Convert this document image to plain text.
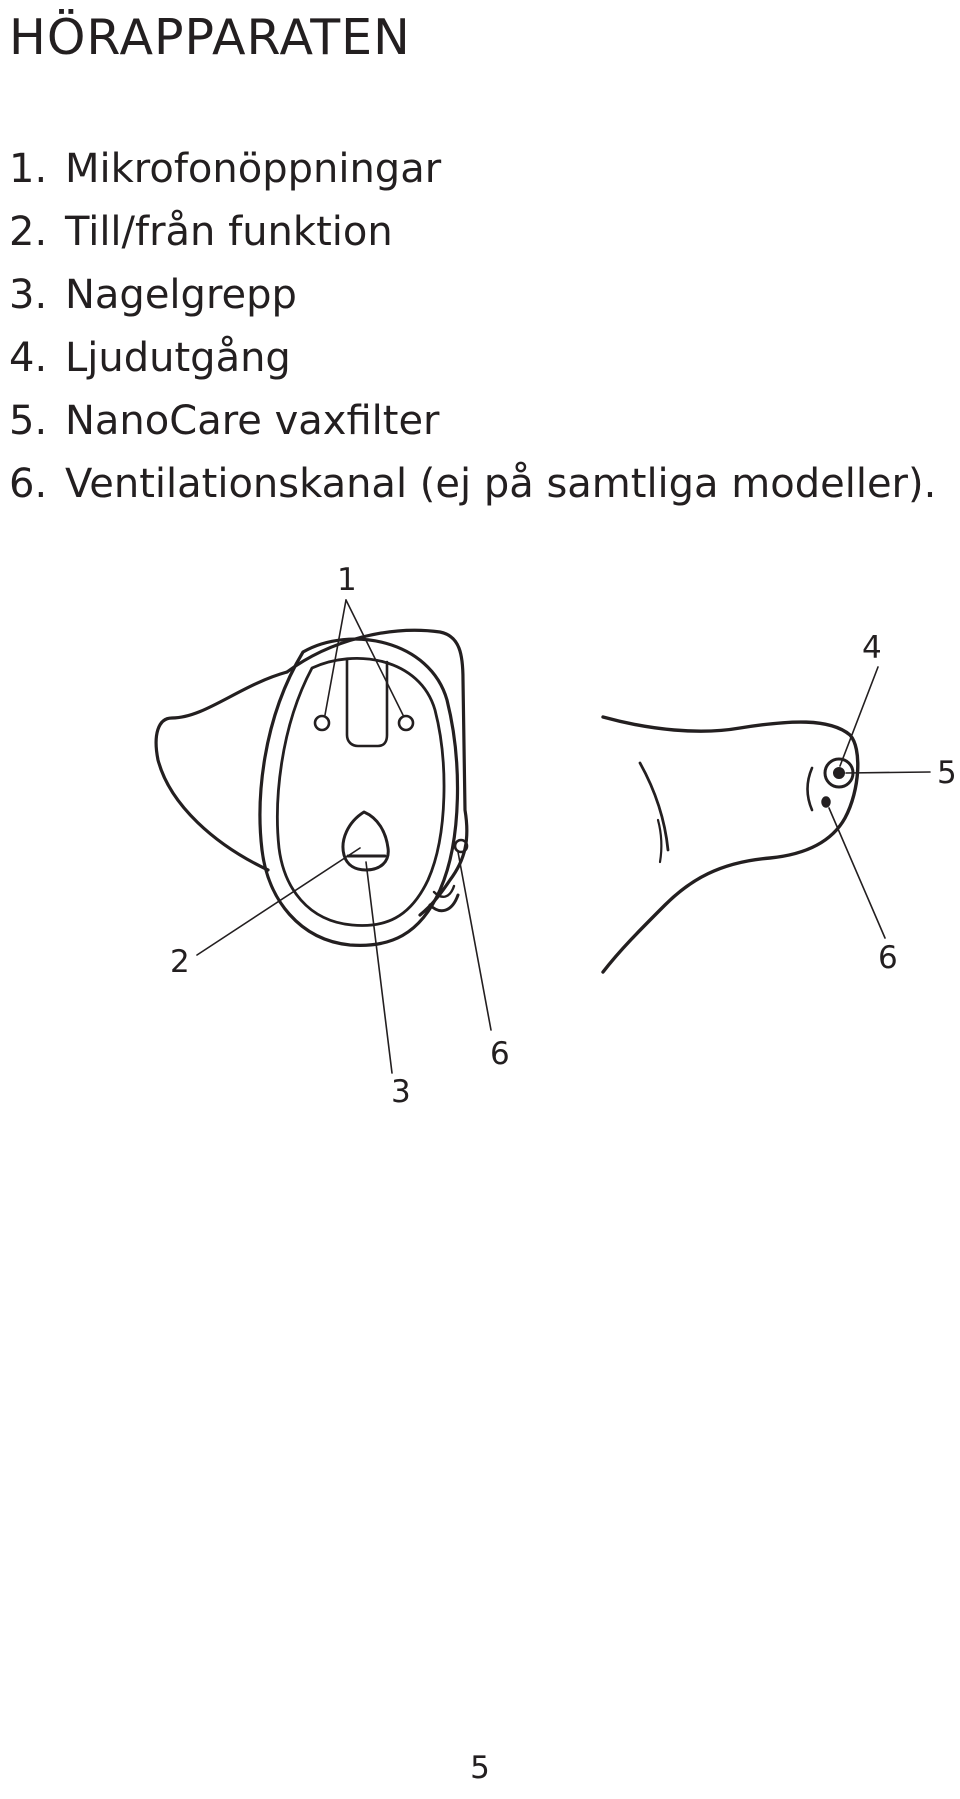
HÖRAPPARATEN
1. Mikrofonöppningar
2. Till/från funktion
3. Nagelgrepp
4. Ljudutgång
5. NanoCare vaxfilter
6. Ventilationskanal (ej på samtliga modeller).
1
2
3
6
4
5
6
5
